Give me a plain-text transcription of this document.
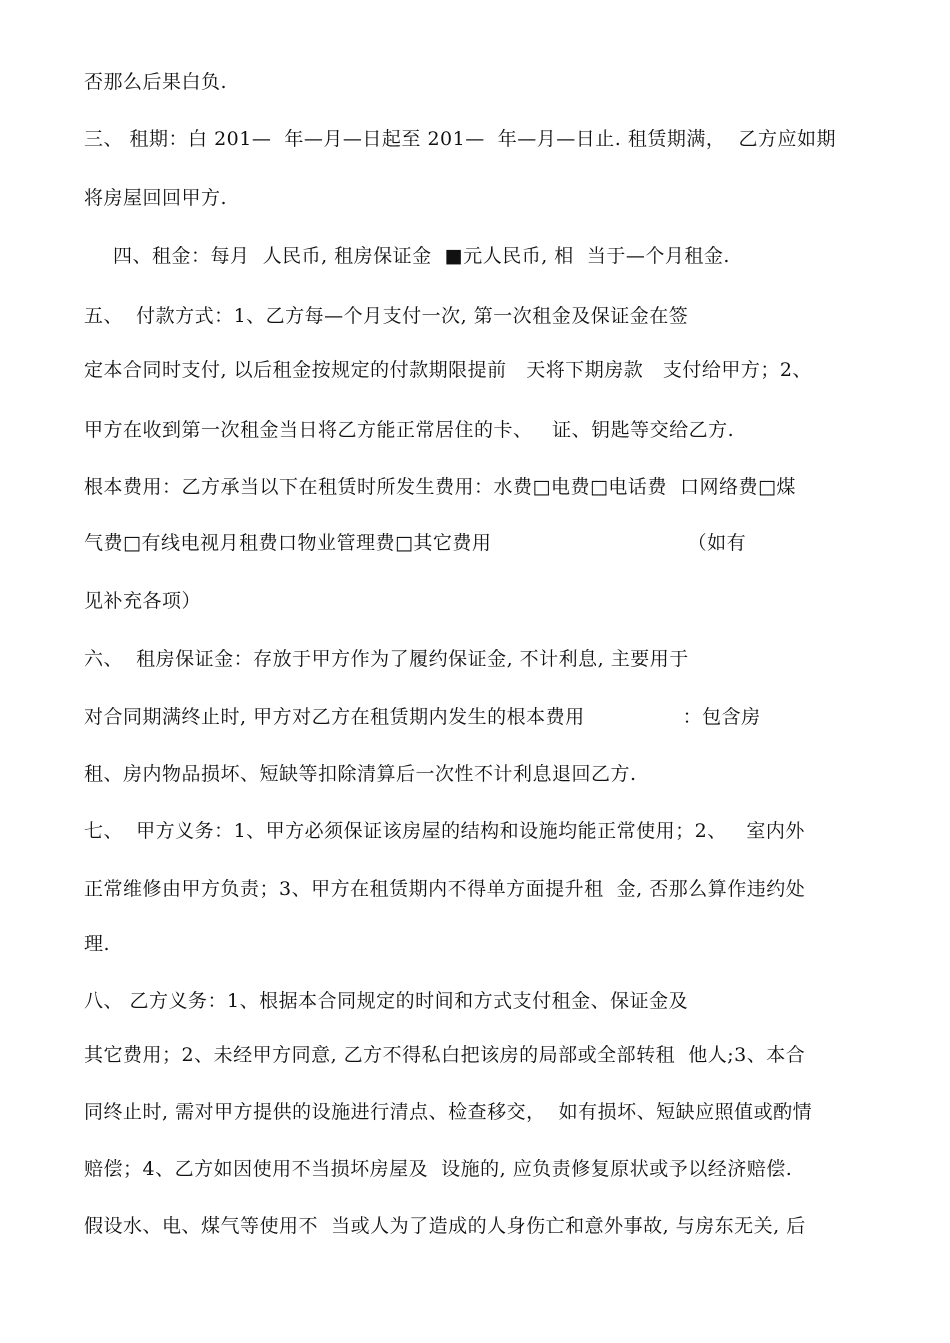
否那么后果白负.
三、 租期：白 201—  年—月—日起至 201—  年—月—日止. 租赁期满，  乙方应如期
将房屋回回甲方.
四、租金：每月  人民币, 租房保证金  ■元人民币, 相  当于—个月租金.
五、  付款方式：1、乙方每—个月支付一次, 第一次租金及保证金在签
定本合同时支付, 以后租金按规定的付款期限提前   天将下期房款   支付给甲方；2、
甲方在收到第一次租金当日将乙方能正常居住的卡、   证、钥匙等交给乙方.
根本费用：乙方承当以下在租赁时所发生费用：水费□电费□电话费  口网络费□煤
气费□有线电视月租费口物业管理费□其它费用                              （如有
见补充各项）
六、  租房保证金：存放于甲方作为了履约保证金, 不计利息, 主要用于
对合同期满终止时, 甲方对乙方在租赁期内发生的根本费用               ：包含房
租、房内物品损坏、短缺等扣除清算后一次性不计利息退回乙方.
七、  甲方义务：1、甲方必须保证该房屋的结构和设施均能正常使用；2、   室内外
正常维修由甲方负责；3、甲方在租赁期内不得单方面提升租  金, 否那么算作违约处
理.
八、 乙方义务：1、根据本合同规定的时间和方式支付租金、保证金及
其它费用；2、未经甲方同意, 乙方不得私白把该房的局部或全部转租  他人;3、本合
同终止时, 需对甲方提供的设施进行清点、检查移交，  如有损坏、短缺应照值或酌情
赔偿；4、乙方如因使用不当损坏房屋及  设施的, 应负责修复原状或予以经济赔偿.
假设水、电、煤气等使用不  当或人为了造成的人身伤亡和意外事故, 与房东无关, 后
